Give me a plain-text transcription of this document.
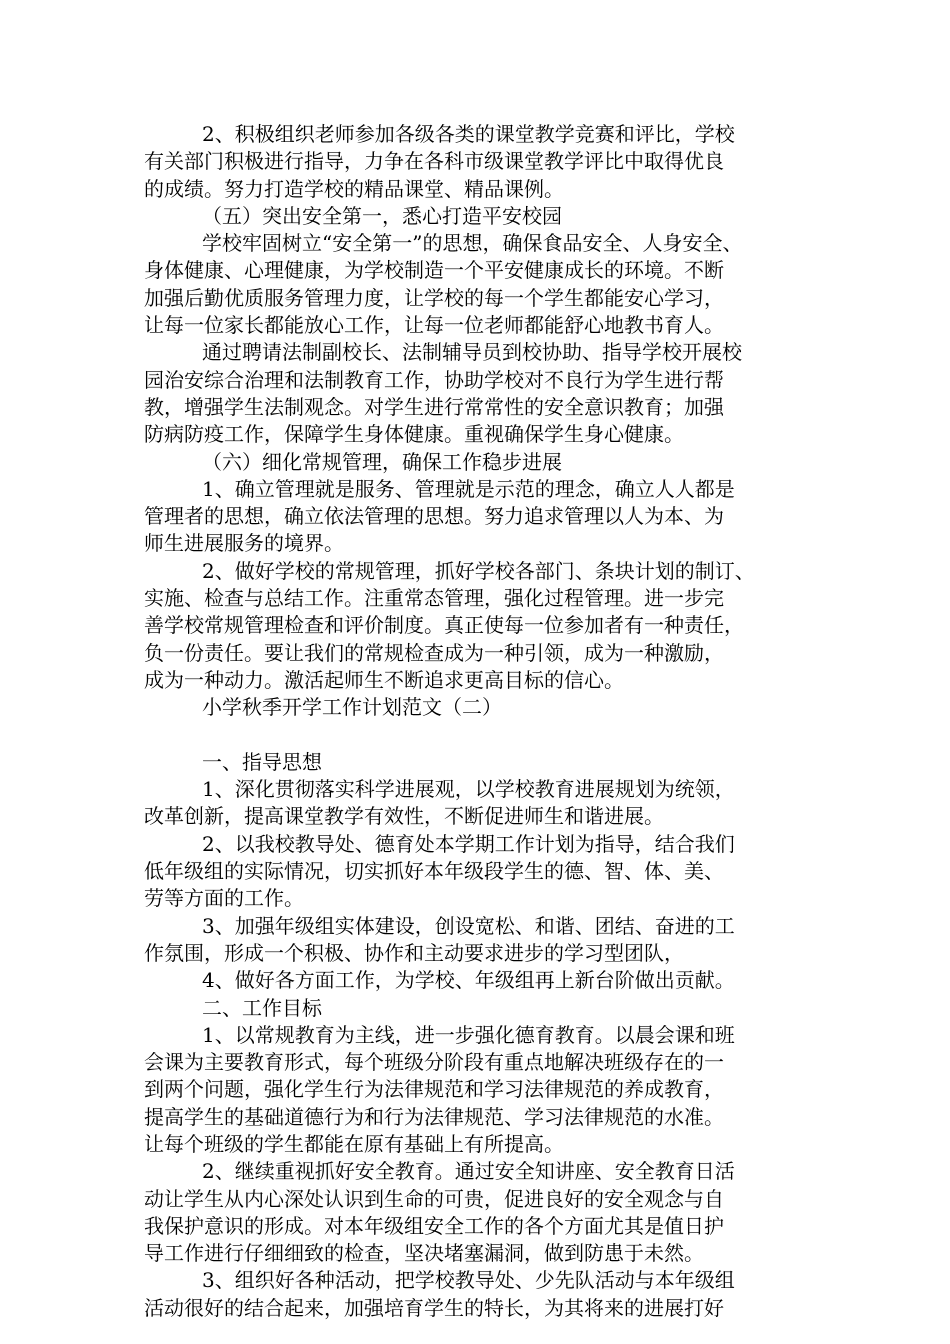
2、积极组织老师参加各级各类的课堂教学竞赛和评比，学校
有关部门积极进行指导，力争在各科市级课堂教学评比中取得优良
的成绩。努力打造学校的精品课堂、精品课例。
（五）突出安全第一，悉心打造平安校园
学校牢固树立“安全第一”的思想，确保食品安全、人身安全、
身体健康、心理健康，为学校制造一个平安健康成长的环境。不断
加强后勤优质服务管理力度，让学校的每一个学生都能安心学习，
让每一位家长都能放心工作，让每一位老师都能舒心地教书育人。
通过聘请法制副校长、法制辅导员到校协助、指导学校开展校
园治安综合治理和法制教育工作，协助学校对不良行为学生进行帮
教，增强学生法制观念。对学生进行常常性的安全意识教育；加强
防病防疫工作，保障学生身体健康。重视确保学生身心健康。
（六）细化常规管理，确保工作稳步进展
1、确立管理就是服务、管理就是示范的理念，确立人人都是
管理者的思想，确立依法管理的思想。努力追求管理以人为本、为
师生进展服务的境界。
2、做好学校的常规管理，抓好学校各部门、条块计划的制订、
实施、检查与总结工作。注重常态管理，强化过程管理。进一步完
善学校常规管理检查和评价制度。真正使每一位参加者有一种责任，
负一份责任。要让我们的常规检查成为一种引领，成为一种激励，
成为一种动力。激活起师生不断追求更高目标的信心。
小学秋季开学工作计划范文（二）
一、指导思想
1、深化贯彻落实科学进展观，以学校教育进展规划为统领，
改革创新，提高课堂教学有效性，不断促进师生和谐进展。
2、以我校教导处、德育处本学期工作计划为指导，结合我们
低年级组的实际情况，切实抓好本年级段学生的德、智、体、美、
劳等方面的工作。
3、加强年级组实体建设，创设宽松、和谐、团结、奋进的工
作氛围，形成一个积极、协作和主动要求进步的学习型团队，
4、做好各方面工作，为学校、年级组再上新台阶做出贡献。
二、工作目标
1、以常规教育为主线，进一步强化德育教育。以晨会课和班
会课为主要教育形式，每个班级分阶段有重点地解决班级存在的一
到两个问题，强化学生行为法律规范和学习法律规范的养成教育，
提高学生的基础道德行为和行为法律规范、学习法律规范的水准。
让每个班级的学生都能在原有基础上有所提高。
2、继续重视抓好安全教育。通过安全知讲座、安全教育日活
动让学生从内心深处认识到生命的可贵，促进良好的安全观念与自
我保护意识的形成。对本年级组安全工作的各个方面尤其是值日护
导工作进行仔细细致的检查，坚决堵塞漏洞，做到防患于未然。
3、组织好各种活动，把学校教导处、少先队活动与本年级组
活动很好的结合起来，加强培育学生的特长，为其将来的进展打好
